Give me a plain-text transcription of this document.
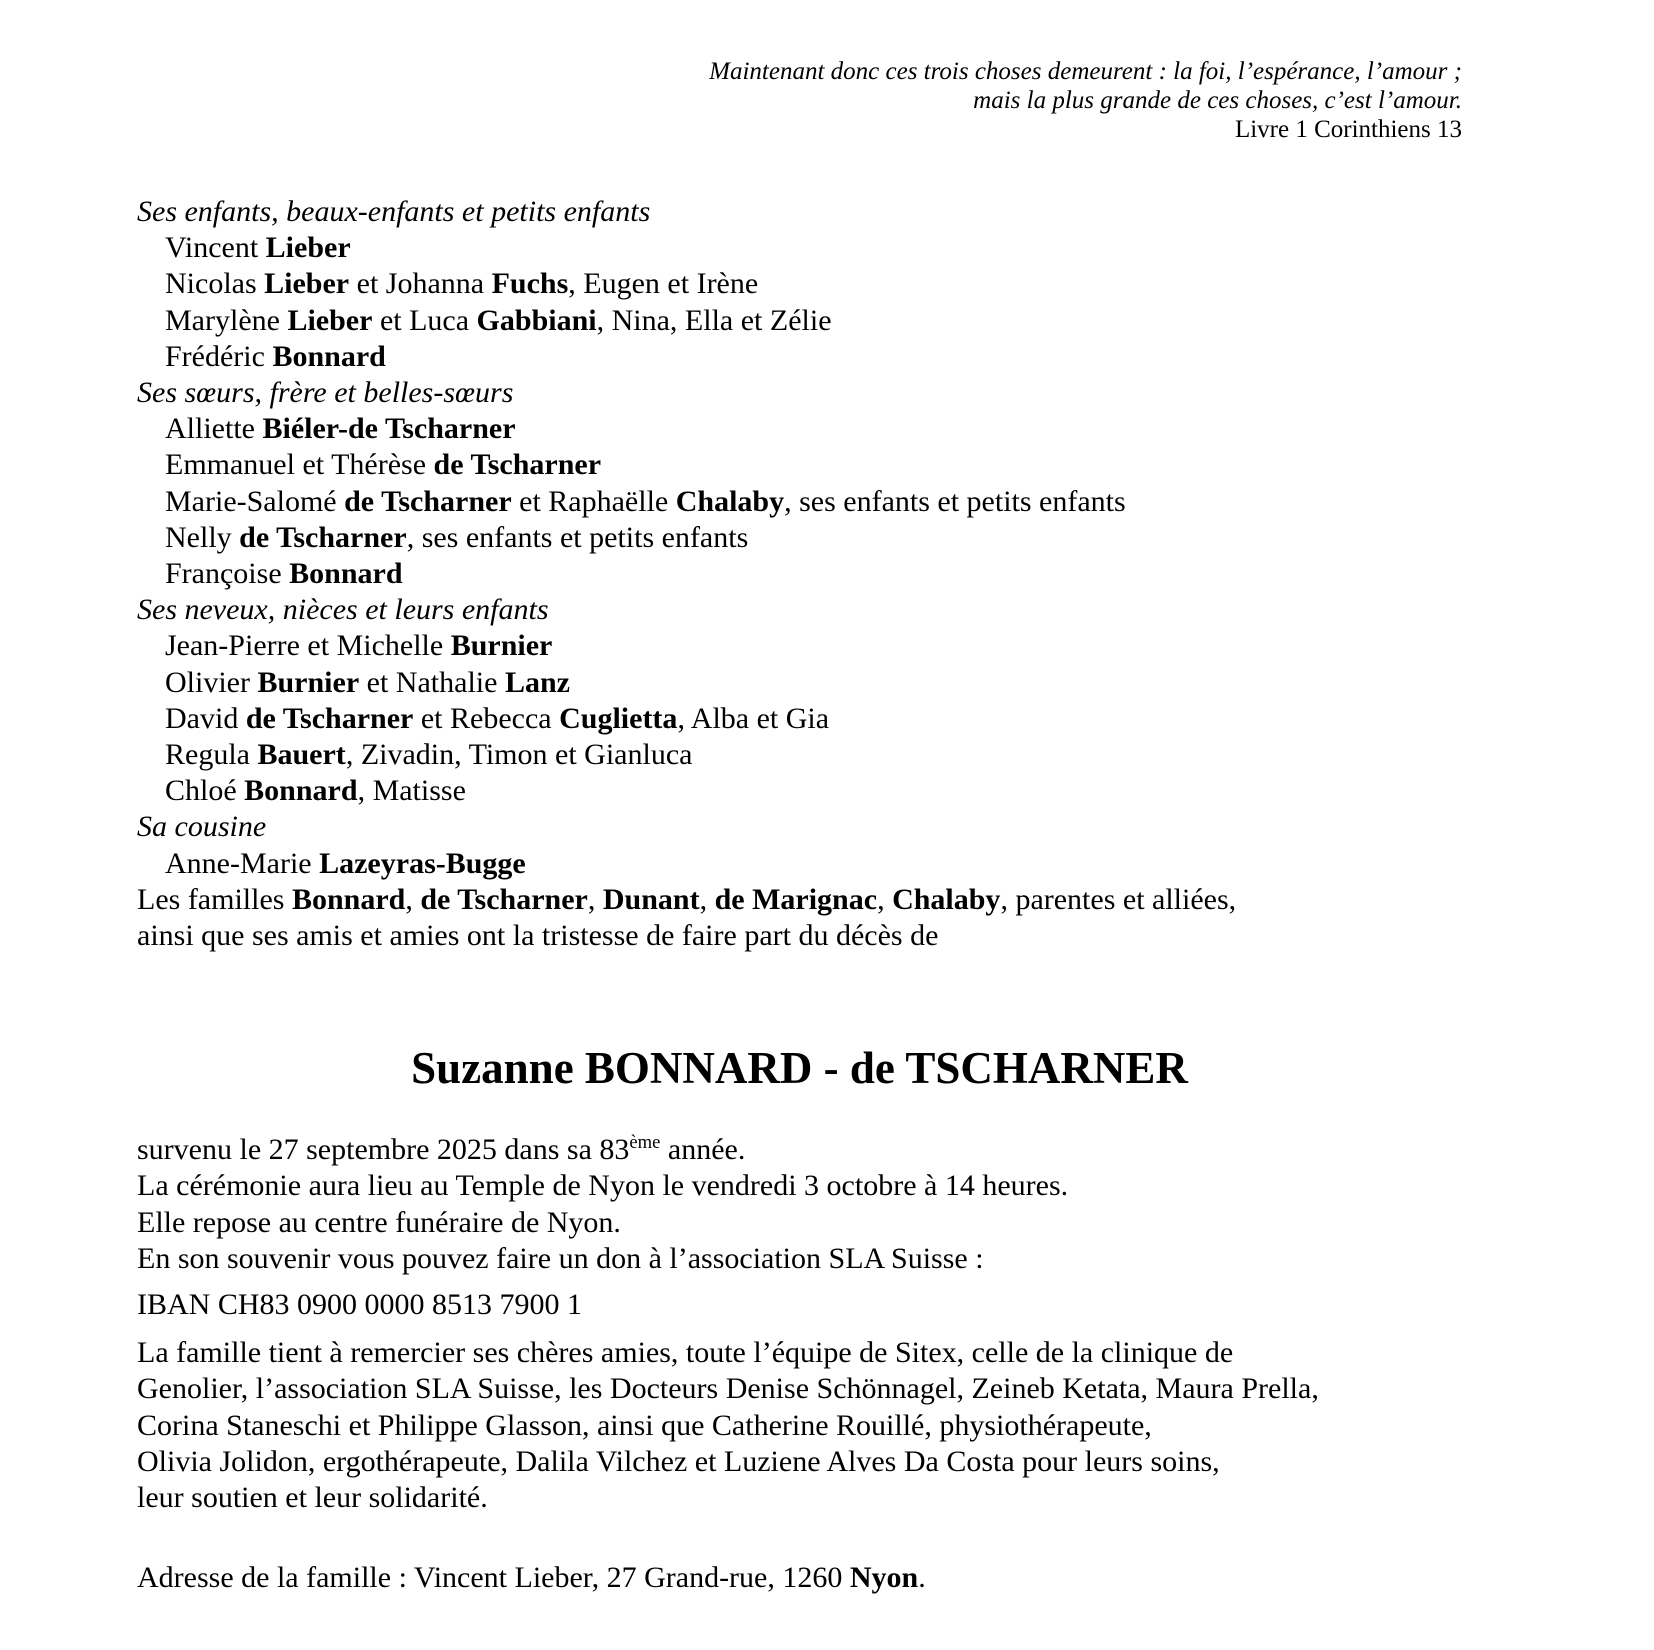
Maintenant donc ces trois choses demeurent : la foi, l’espérance, l’amour ;
mais la plus grande de ces choses, c’est l’amour.
Livre 1 Corinthiens 13
Ses enfants, beaux-enfants et petits enfants
Vincent Lieber
Nicolas Lieber et Johanna Fuchs, Eugen et Irène
Marylène Lieber et Luca Gabbiani, Nina, Ella et Zélie
Frédéric Bonnard
Ses sœurs, frère et belles-sœurs
Alliette Biéler-de Tscharner
Emmanuel et Thérèse de Tscharner
Marie-Salomé de Tscharner et Raphaëlle Chalaby, ses enfants et petits enfants
Nelly de Tscharner, ses enfants et petits enfants
Françoise Bonnard
Ses neveux, nièces et leurs enfants
Jean-Pierre et Michelle Burnier
Olivier Burnier et Nathalie Lanz
David de Tscharner et Rebecca Cuglietta, Alba et Gia
Regula Bauert, Zivadin, Timon et Gianluca
Chloé Bonnard, Matisse
Sa cousine
Anne-Marie Lazeyras-Bugge
Les familles Bonnard, de Tscharner, Dunant, de Marignac, Chalaby, parentes et alliées,
ainsi que ses amis et amies ont la tristesse de faire part du décès de
Suzanne BONNARD - de TSCHARNER
survenu le 27 septembre 2025 dans sa 83ème année.
La cérémonie aura lieu au Temple de Nyon le vendredi 3 octobre à 14 heures.
Elle repose au centre funéraire de Nyon.
En son souvenir vous pouvez faire un don à l’association SLA Suisse :
IBAN CH83 0900 0000 8513 7900 1
La famille tient à remercier ses chères amies, toute l’équipe de Sitex, celle de la clinique de
Genolier, l’association SLA Suisse, les Docteurs Denise Schönnagel, Zeineb Ketata, Maura Prella,
Corina Staneschi et Philippe Glasson, ainsi que Catherine Rouillé, physiothérapeute,
Olivia Jolidon, ergothérapeute, Dalila Vilchez et Luziene Alves Da Costa pour leurs soins,
leur soutien et leur solidarité.
Adresse de la famille : Vincent Lieber, 27 Grand-rue, 1260 Nyon.
